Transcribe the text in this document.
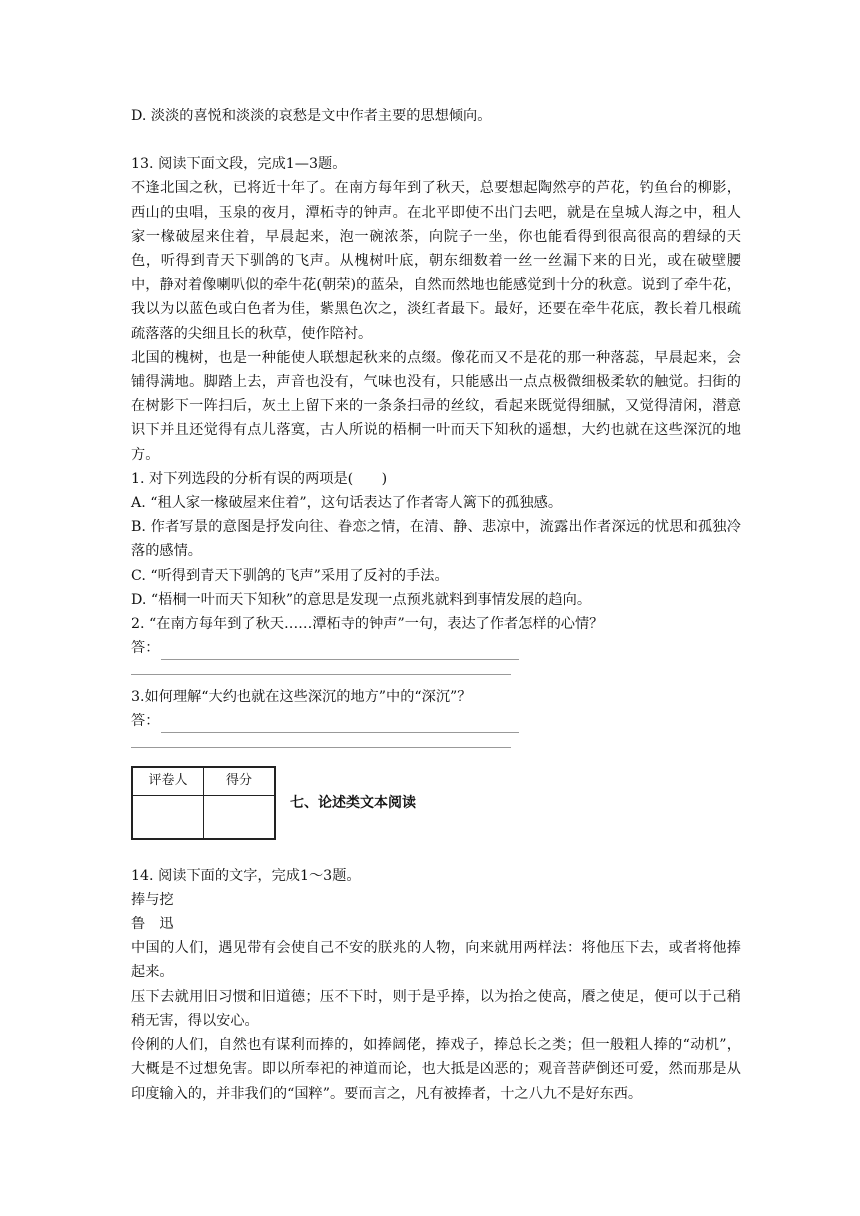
D. 淡淡的喜悦和淡淡的哀愁是文中作者主要的思想倾向。

13. 阅读下面文段，完成1—3题。

不逢北国之秋，已将近十年了。在南方每年到了秋天，总要想起陶然亭的芦花，钓鱼台的柳影，西山的虫唱，玉泉的夜月，潭柘寺的钟声。在北平即使不出门去吧，就是在皇城人海之中，租人家一椽破屋来住着，早晨起来，泡一碗浓茶，向院子一坐，你也能看得到很高很高的碧绿的天色，听得到青天下驯鸽的飞声。从槐树叶底，朝东细数着一丝一丝漏下来的日光，或在破壁腰中，静对着像喇叭似的牵牛花(朝荣)的蓝朵，自然而然地也能感觉到十分的秋意。说到了牵牛花，我以为以蓝色或白色者为佳，紫黑色次之，淡红者最下。最好，还要在牵牛花底，教长着几根疏疏落落的尖细且长的秋草，使作陪衬。

北国的槐树，也是一种能使人联想起秋来的点缀。像花而又不是花的那一种落蕊，早晨起来，会铺得满地。脚踏上去，声音也没有，气味也没有，只能感出一点点极微细极柔软的触觉。扫街的在树影下一阵扫后，灰土上留下来的一条条扫帚的丝纹，看起来既觉得细腻，又觉得清闲，潜意识下并且还觉得有点儿落寞，古人所说的梧桐一叶而天下知秋的遥想，大约也就在这些深沉的地方。

1. 对下列选段的分析有误的两项是(　　)

A. “租人家一椽破屋来住着”，这句话表达了作者寄人篱下的孤独感。

B. 作者写景的意图是抒发向往、眷恋之情，在清、静、悲凉中，流露出作者深远的忧思和孤独冷落的感情。

C. “听得到青天下驯鸽的飞声”采用了反衬的手法。

D. “梧桐一叶而天下知秋”的意思是发现一点预兆就料到事情发展的趋向。

2. “在南方每年到了秋天……潭柘寺的钟声”一句，表达了作者怎样的心情？

答：

3.如何理解“大约也就在这些深沉的地方”中的“深沉”？

答：
评卷人	得分

七、论述类文本阅读

14. 阅读下面的文字，完成1～3题。

捧与挖

鲁　迅

中国的人们，遇见带有会使自己不安的朕兆的人物，向来就用两样法：将他压下去，或者将他捧起来。

压下去就用旧习惯和旧道德；压不下时，则于是乎捧，以为抬之使高，餍之使足，便可以于己稍稍无害，得以安心。

伶俐的人们，自然也有谋利而捧的，如捧阔佬，捧戏子，捧总长之类；但一般粗人捧的“动机”，大概是不过想免害。即以所奉祀的神道而论，也大抵是凶恶的；观音菩萨倒还可爱，然而那是从印度输入的，并非我们的“国粹”。要而言之，凡有被捧者，十之八九不是好东西。
